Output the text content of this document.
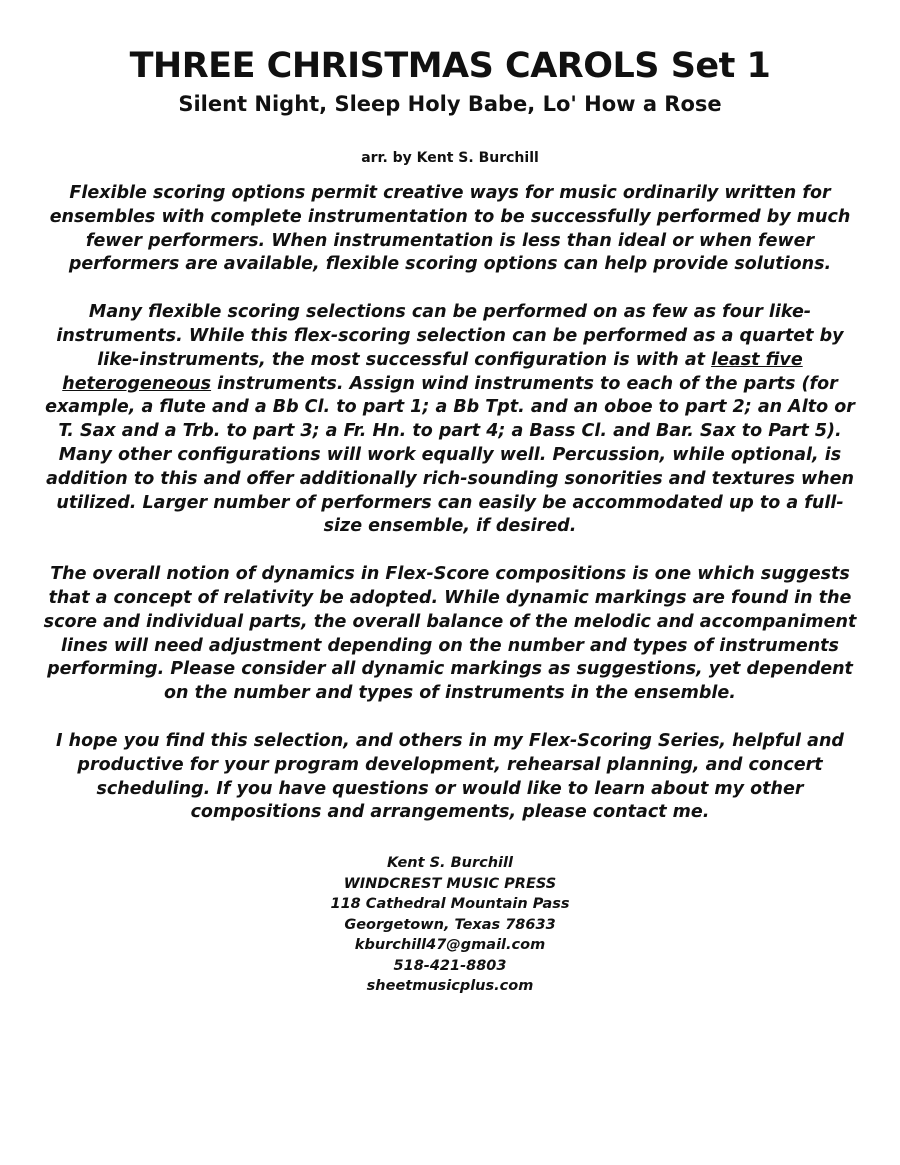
THREE CHRISTMAS CAROLS Set 1
Silent Night, Sleep Holy Babe, Lo' How a Rose

arr. by Kent S. Burchill

Flexible scoring options permit creative ways for music ordinarily written for ensembles with complete instrumentation to be successfully performed by much fewer performers. When instrumentation is less than ideal or when fewer performers are available, flexible scoring options can help provide solutions.

Many flexible scoring selections can be performed on as few as four like-instruments. While this flex-scoring selection can be performed as a quartet by like-instruments, the most successful configuration is with at least five heterogeneous instruments. Assign wind instruments to each of the parts (for example, a flute and a Bb Cl. to part 1; a Bb Tpt. and an oboe to part 2; an Alto or T. Sax and a Trb. to part 3; a Fr. Hn. to part 4; a Bass Cl. and Bar. Sax to Part 5). Many other configurations will work equally well. Percussion, while optional, is addition to this and offer additionally rich-sounding sonorities and textures when utilized. Larger number of performers can easily be accommodated up to a full-size ensemble, if desired.

The overall notion of dynamics in Flex-Score compositions is one which suggests that a concept of relativity be adopted. While dynamic markings are found in the score and individual parts, the overall balance of the melodic and accompaniment lines will need adjustment depending on the number and types of instruments performing. Please consider all dynamic markings as suggestions, yet dependent on the number and types of instruments in the ensemble.

I hope you find this selection, and others in my Flex-Scoring Series, helpful and productive for your program development, rehearsal planning, and concert scheduling. If you have questions or would like to learn about my other compositions and arrangements, please contact me.

Kent S. Burchill
WINDCREST MUSIC PRESS
118 Cathedral Mountain Pass
Georgetown, Texas 78633
kburchill47@gmail.com
518-421-8803
sheetmusicplus.com
